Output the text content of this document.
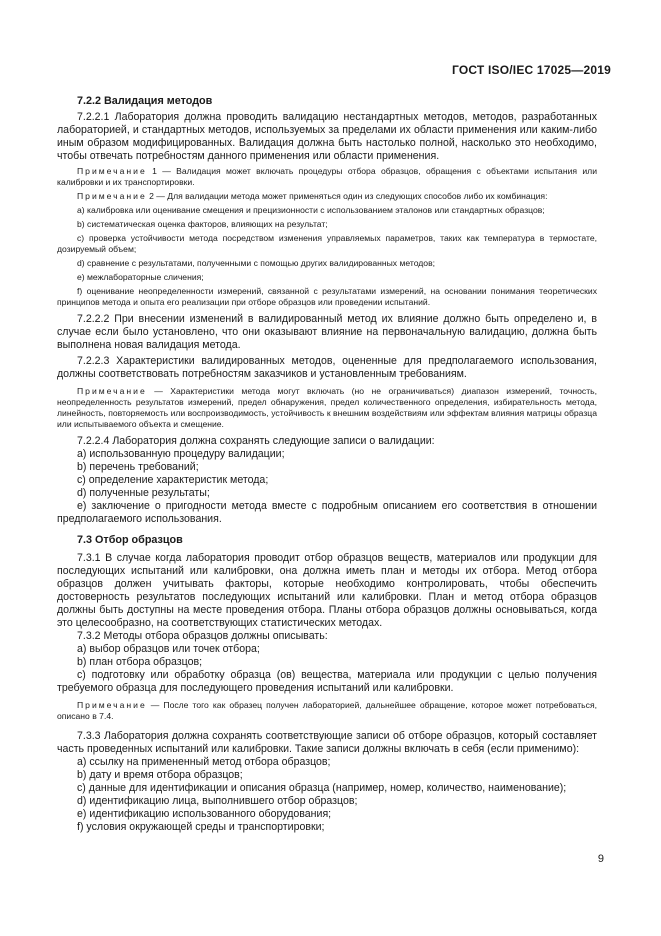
ГОСТ ISO/IEC 17025—2019

7.2.2 Валидация методов

7.2.2.1 Лаборатория должна проводить валидацию нестандартных методов, методов, разработанных лабораторией, и стандартных методов, используемых за пределами их области применения или каким-либо иным образом модифицированных. Валидация должна быть настолько полной, насколько это необходимо, чтобы отвечать потребностям данного применения или области применения.

Примечание 1 — Валидация может включать процедуры отбора образцов, обращения с объектами испытания или калибровки и их транспортировки.

Примечание 2 — Для валидации метода может применяться один из следующих способов либо их комбинация:

a) калибровка или оценивание смещения и прецизионности с использованием эталонов или стандартных образцов;

b) систематическая оценка факторов, влияющих на результат;

c) проверка устойчивости метода посредством изменения управляемых параметров, таких как температура в термостате, дозируемый объем;

d) сравнение с результатами, полученными с помощью других валидированных методов;

e) межлабораторные сличения;

f) оценивание неопределенности измерений, связанной с результатами измерений, на основании понимания теоретических принципов метода и опыта его реализации при отборе образцов или проведении испытаний.

7.2.2.2 При внесении изменений в валидированный метод их влияние должно быть определено и, в случае если было установлено, что они оказывают влияние на первоначальную валидацию, должна быть выполнена новая валидация метода.

7.2.2.3 Характеристики валидированных методов, оцененные для предполагаемого использования, должны соответствовать потребностям заказчиков и установленным требованиям.

Примечание — Характеристики метода могут включать (но не ограничиваться) диапазон измерений, точность, неопределенность результатов измерений, предел обнаружения, предел количественного определения, избирательность метода, линейность, повторяемость или воспроизводимость, устойчивость к внешним воздействиям или эффектам влияния матрицы образца или испытываемого объекта и смещение.

7.2.2.4 Лаборатория должна сохранять следующие записи о валидации:

a) использованную процедуру валидации;

b) перечень требований;

c) определение характеристик метода;

d) полученные результаты;

e) заключение о пригодности метода вместе с подробным описанием его соответствия в отношении предполагаемого использования.

7.3 Отбор образцов

7.3.1 В случае когда лаборатория проводит отбор образцов веществ, материалов или продукции для последующих испытаний или калибровки, она должна иметь план и методы их отбора. Метод отбора образцов должен учитывать факторы, которые необходимо контролировать, чтобы обеспечить достоверность результатов последующих испытаний или калибровки. План и метод отбора образцов должны быть доступны на месте проведения отбора. Планы отбора образцов должны основываться, когда это целесообразно, на соответствующих статистических методах.

7.3.2 Методы отбора образцов должны описывать:

a) выбор образцов или точек отбора;

b) план отбора образцов;

c) подготовку или обработку образца (ов) вещества, материала или продукции с целью получения требуемого образца для последующего проведения испытаний или калибровки.

Примечание — После того как образец получен лабораторией, дальнейшее обращение, которое может потребоваться, описано в 7.4.

7.3.3 Лаборатория должна сохранять соответствующие записи об отборе образцов, который составляет часть проведенных испытаний или калибровки. Такие записи должны включать в себя (если применимо):

a) ссылку на примененный метод отбора образцов;

b) дату и время отбора образцов;

c) данные для идентификации и описания образца (например, номер, количество, наименование);

d) идентификацию лица, выполнившего отбор образцов;

e) идентификацию использованного оборудования;

f) условия окружающей среды и транспортировки;

9
